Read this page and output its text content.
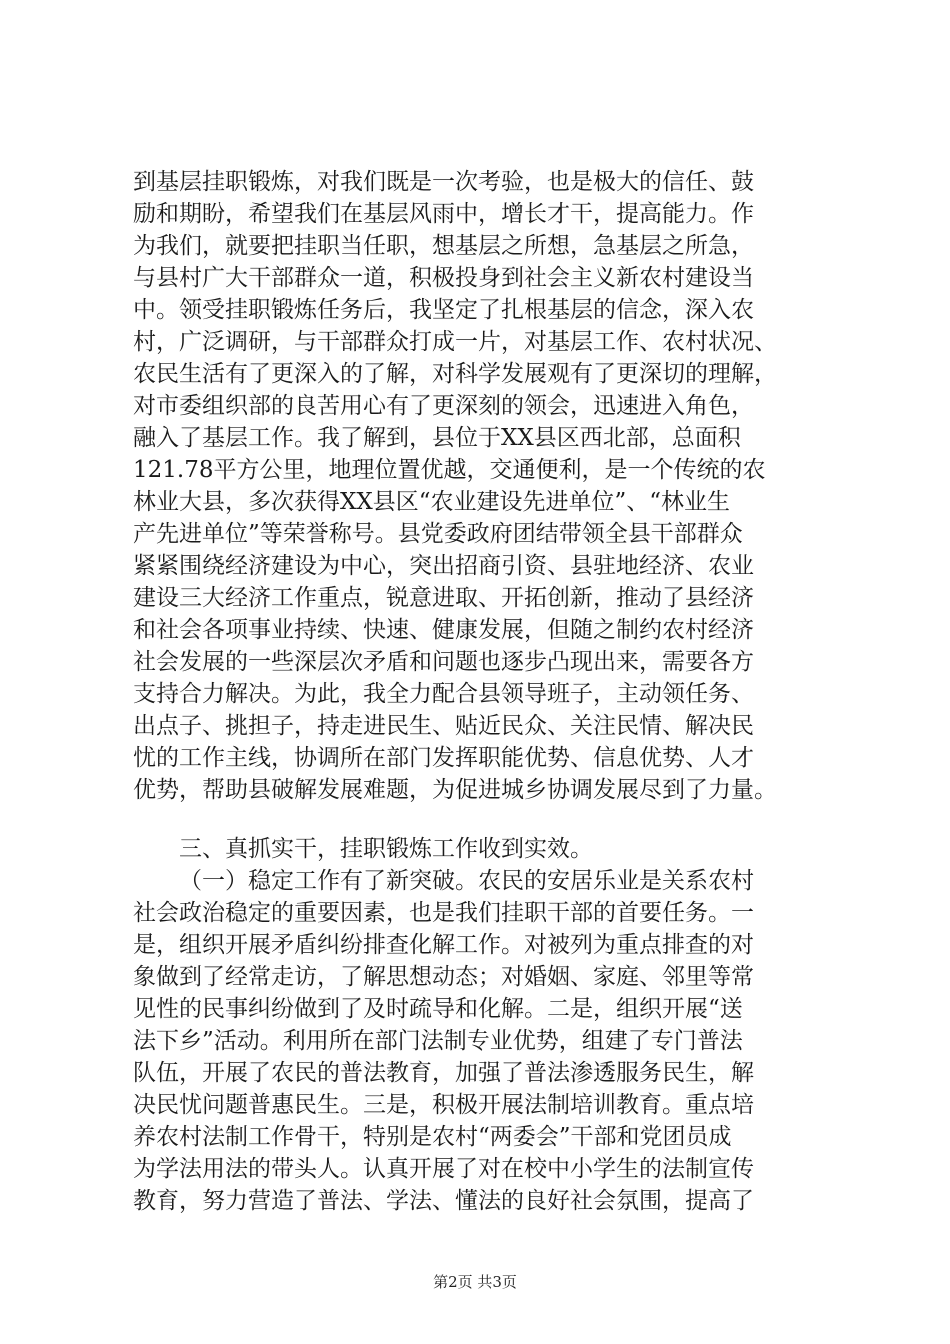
到基层挂职锻炼，对我们既是一次考验，也是极大的信任、鼓
励和期盼，希望我们在基层风雨中，增长才干，提高能力。作
为我们，就要把挂职当任职，想基层之所想，急基层之所急，
与县村广大干部群众一道，积极投身到社会主义新农村建设当
中。领受挂职锻炼任务后，我坚定了扎根基层的信念，深入农
村，广泛调研，与干部群众打成一片，对基层工作、农村状况、
农民生活有了更深入的了解，对科学发展观有了更深切的理解，
对市委组织部的良苦用心有了更深刻的领会，迅速进入角色，
融入了基层工作。我了解到，县位于XX县区西北部，总面积
121.78平方公里，地理位置优越，交通便利，是一个传统的农
林业大县，多次获得XX县区“农业建设先进单位”、“林业生
产先进单位”等荣誉称号。县党委政府团结带领全县干部群众
紧紧围绕经济建设为中心，突出招商引资、县驻地经济、农业
建设三大经济工作重点，锐意进取、开拓创新，推动了县经济
和社会各项事业持续、快速、健康发展，但随之制约农村经济
社会发展的一些深层次矛盾和问题也逐步凸现出来，需要各方
支持合力解决。为此，我全力配合县领导班子，主动领任务、
出点子、挑担子，持走进民生、贴近民众、关注民情、解决民
忧的工作主线，协调所在部门发挥职能优势、信息优势、人才
优势，帮助县破解发展难题，为促进城乡协调发展尽到了力量。
三、真抓实干，挂职锻炼工作收到实效。
（一）稳定工作有了新突破。农民的安居乐业是关系农村
社会政治稳定的重要因素，也是我们挂职干部的首要任务。一
是，组织开展矛盾纠纷排查化解工作。对被列为重点排查的对
象做到了经常走访，了解思想动态；对婚姻、家庭、邻里等常
见性的民事纠纷做到了及时疏导和化解。二是，组织开展“送
法下乡”活动。利用所在部门法制专业优势，组建了专门普法
队伍，开展了农民的普法教育，加强了普法渗透服务民生，解
决民忧问题普惠民生。三是，积极开展法制培训教育。重点培
养农村法制工作骨干，特别是农村“两委会”干部和党团员成
为学法用法的带头人。认真开展了对在校中小学生的法制宣传
教育，努力营造了普法、学法、懂法的良好社会氛围，提高了
第2页 共3页
